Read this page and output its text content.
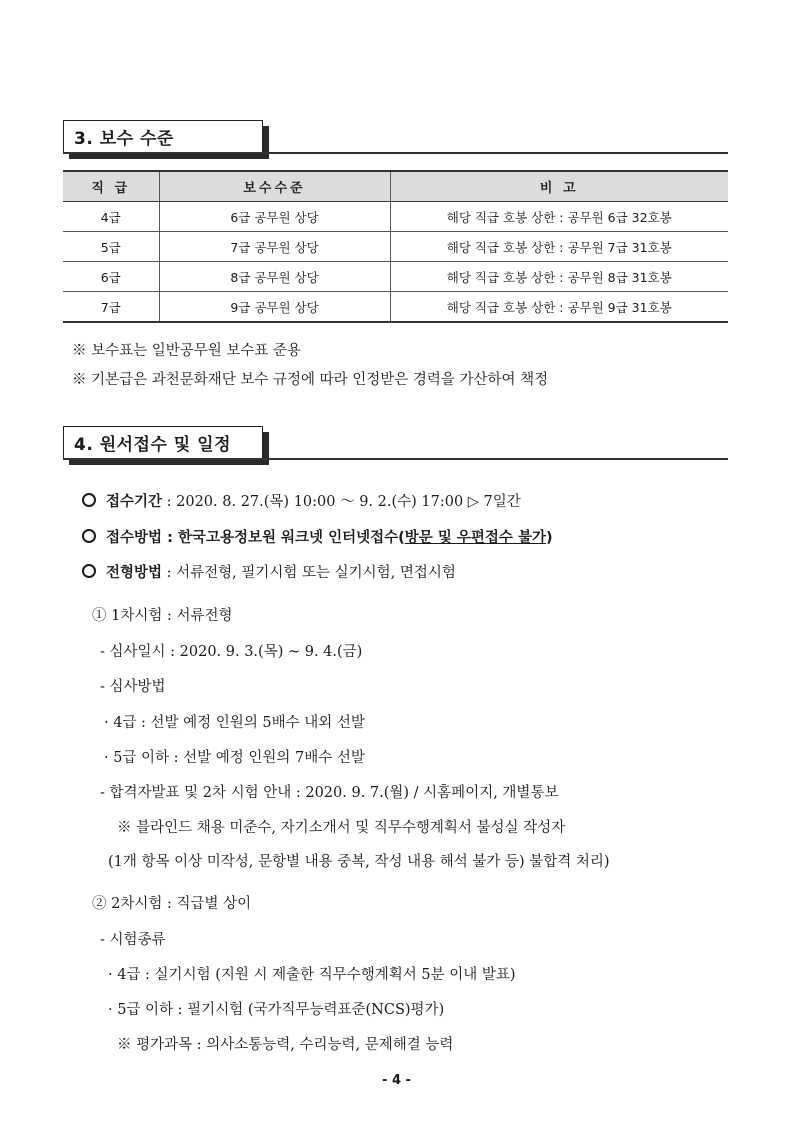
3. 보수 수준
직 급	보수수준	비 고
4급	6급 공무원 상당	해당 직급 호봉 상한 : 공무원 6급 32호봉
5급	7급 공무원 상당	해당 직급 호봉 상한 : 공무원 7급 31호봉
6급	8급 공무원 상당	해당 직급 호봉 상한 : 공무원 8급 31호봉
7급	9급 공무원 상당	해당 직급 호봉 상한 : 공무원 9급 31호봉
※ 보수표는 일반공무원 보수표 준용
※ 기본급은 과천문화재단 보수 규정에 따라 인정받은 경력을 가산하여 책정
4. 원서접수 및 일정
접수기간 : 2020. 8. 27.(목) 10:00 ～ 9. 2.(수) 17:00 ▷ 7일간
접수방법 : 한국고용정보원 워크넷 인터넷접수(방문 및 우편접수 불가)
전형방법 : 서류전형, 필기시험 또는 실기시험, 면접시험
① 1차시험 : 서류전형
- 심사일시 : 2020. 9. 3.(목) ~ 9. 4.(금)
- 심사방법
· 4급 : 선발 예정 인원의 5배수 내외 선발
· 5급 이하 : 선발 예정 인원의 7배수 선발
- 합격자발표 및 2차 시험 안내 : 2020. 9. 7.(월) / 시홈페이지, 개별통보
※ 블라인드 채용 미준수, 자기소개서 및 직무수행계획서 불성실 작성자
(1개 항목 이상 미작성, 문항별 내용 중복, 작성 내용 해석 불가 등) 불합격 처리)
② 2차시험 : 직급별 상이
- 시험종류
· 4급 : 실기시험 (지원 시 제출한 직무수행계획서 5분 이내 발표)
· 5급 이하 : 필기시험 (국가직무능력표준(NCS)평가)
※ 평가과목 : 의사소통능력, 수리능력, 문제해결 능력
- 4 -
